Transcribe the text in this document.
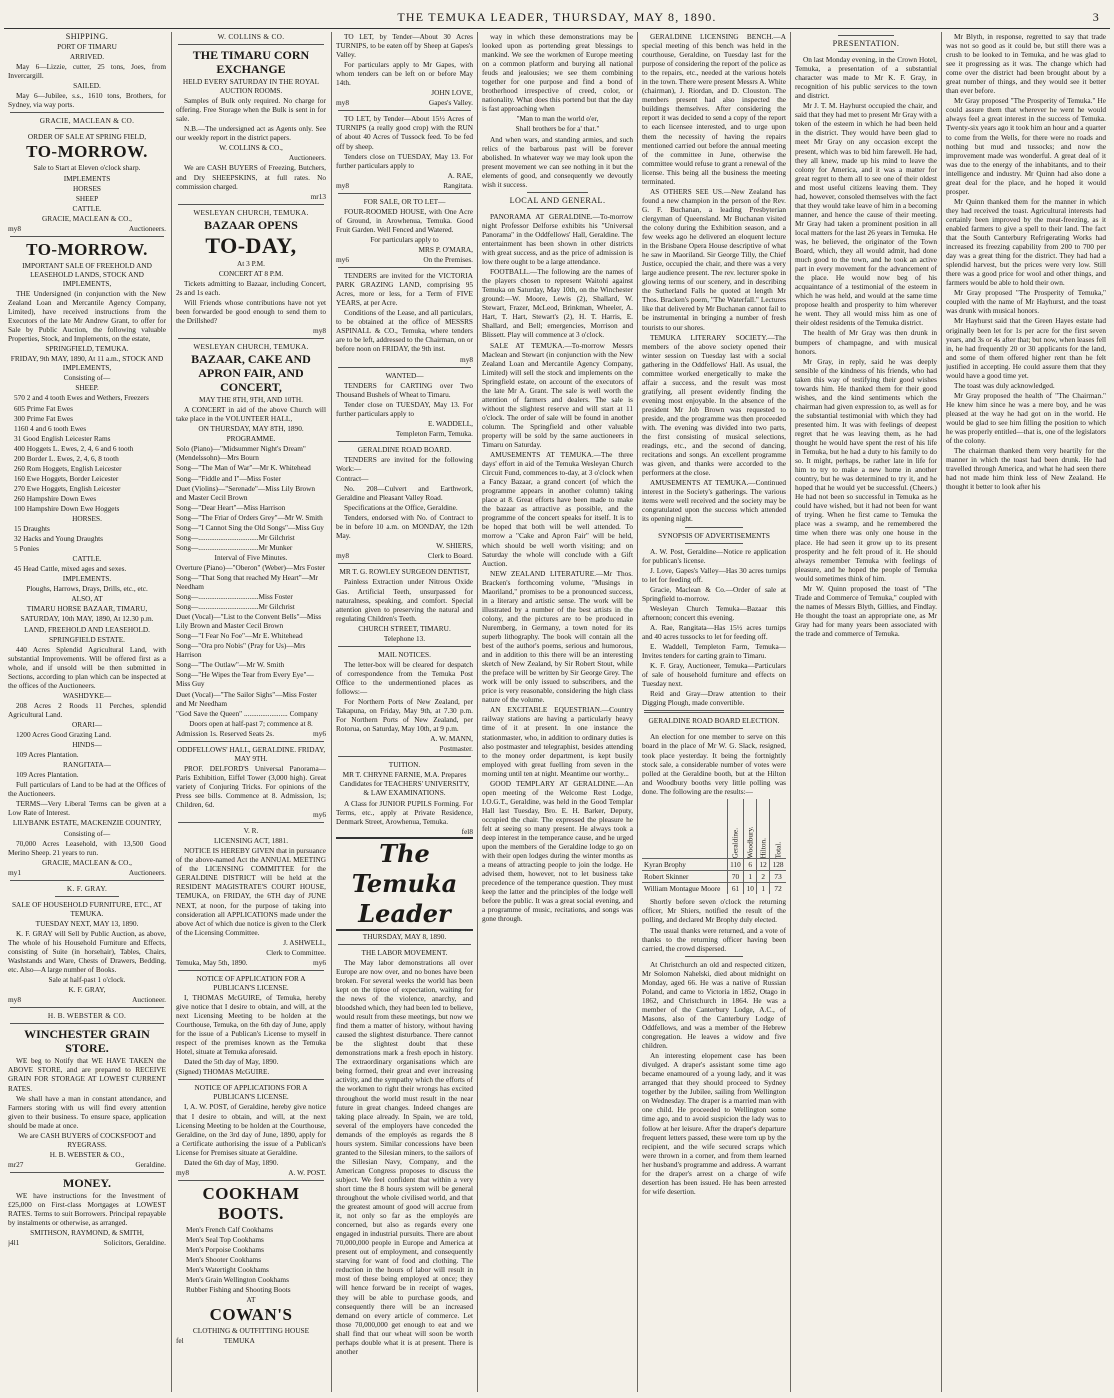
THE TEMUKA LEADER, THURSDAY, MAY 8, 1890.	3

SHIPPING.

PORT OF TIMARU

ARRIVED.

May 6—Lizzie, cutter, 25 tons, Joes, from Invercargill.

SAILED.

May 6—Jubilee, s.s., 1610 tons, Brothers, for Sydney, via way ports.

GRACIE, MACLEAN & CO.

ORDER OF SALE AT SPRING FIELD,

TO-MORROW.

Sale to Start at Eleven o'clock sharp.

IMPLEMENTS

HORSES

SHEEP

CATTLE.

GRACIE, MACLEAN & CO.,

my8	Auctioneers.

TO-MORROW.

IMPORTANT SALE OF FREEHOLD AND LEASEHOLD LANDS, STOCK AND IMPLEMENTS,

THE Undersigned (in conjunction with the New Zealand Loan and Mercantile Agency Company, Limited), have received instructions from the Executors of the late Mr Andrew Grant, to offer for Sale by Public Auction, the following valuable Properties, Stock, and Implements, on the estate,

SPRINGFIELD, TEMUKA.

FRIDAY, 9th MAY, 1890, At 11 a.m., STOCK AND IMPLEMENTS,

Consisting of—

SHEEP.

570 2 and 4 tooth Ewes and Wethers, Freezers

605 Prime Fat Ewes

300 Prime Fat Ewes

1160 4 and 6 tooth Ewes

31 Good English Leicester Rams

400 Hoggets L. Ewes, 2, 4, 6 and 6 tooth

200 Border L. Ewes, 2, 4, 6, 8 tooth

260 Rom Hoggets, English Leicester

160 Ewe Hoggets, Border Leicester

270 Ewe Hoggets, English Leicester

260 Hampshire Down Ewes

100 Hampshire Down Ewe Hoggets

HORSES.

15 Draughts

32 Hacks and Young Draughts

5 Ponies

CATTLE.

45 Head Cattle, mixed ages and sexes.

IMPLEMENTS.

Ploughs, Harrows, Drays, Drills, etc., etc.

ALSO, AT

TIMARU HORSE BAZAAR, TIMARU,

SATURDAY, 10th MAY, 1890, At 12.30 p.m.

LAND, FREEHOLD AND LEASEHOLD.

SPRINGFIELD ESTATE.

440 Acres Splendid Agricultural Land, with substantial Improvements. Will be offered first as a whole, and if unsold will be then submitted in Sections, according to plan which can be inspected at the offices of the Auctioneers.

WASHDYKE—

208 Acres 2 Roods 11 Perches, splendid Agricultural Land.

ORARI—

1200 Acres Good Grazing Land.

HINDS—

109 Acres Plantation.

RANGITATA—

109 Acres Plantation.

Full particulars of Land to be had at the Offices of the Auctioneers.

TERMS—Very Liberal Terms can be given at a Low Rate of Interest.

LILYBANK ESTATE, MACKENZIE COUNTRY,

Consisting of—

70,000 Acres Leasehold, with 13,500 Good Merino Sheep. 21 years to run.

GRACIE, MACLEAN & CO.,

my1	Auctioneers.

K. F. GRAY.

SALE OF HOUSEHOLD FURNITURE, ETC., AT TEMUKA.

TUESDAY NEXT, MAY 13, 1890.

K. F. GRAY will Sell by Public Auction, as above, The whole of his Household Furniture and Effects, consisting of Suite (in horsehair), Tables, Chairs, Washstands and Ware, Chests of Drawers, Bedding, etc. Also—A large number of Books.

Sale at half-past 1 o'clock.

K. F. GRAY,

my8	Auctioneer.

H. B. WEBSTER & CO.

WINCHESTER GRAIN STORE.

WE beg to Notify that WE HAVE TAKEN the ABOVE STORE, and are prepared to RECEIVE GRAIN FOR STORAGE AT LOWEST CURRENT RATES.

We shall have a man in constant attendance, and Farmers storing with us will find every attention given to their business. To ensure space, application should be made at once.

We are CASH BUYERS of COCKSFOOT and RYEGRASS.

H. B. WEBSTER & CO.,

mr27	Geraldine.

MONEY.

WE have instructions for the Investment of £25,000 on First-class Mortgages at LOWEST RATES. Terms to suit Borrowers. Principal repayable by instalments or otherwise, as arranged.

SMITHSON, RAYMOND, & SMITH,

j4l1	Solicitors, Geraldine.

W. COLLINS & CO.

THE TIMARU CORN EXCHANGE

HELD EVERY SATURDAY IN THE ROYAL AUCTION ROOMS.

Samples of Bulk only required. No charge for offering. Free Storage when the Bulk is sent in for sale.

N.B.—The undersigned act as Agents only. See our weekly report in the district papers.

W. COLLINS & CO.,

Auctioneers.

We are CASH BUYERS of Freezing, Butchers, and Dry SHEEPSKINS, at full rates. No commission charged.

mr13

WESLEYAN CHURCH, TEMUKA.

BAZAAR OPENS

TO-DAY,

At 3 P.M.

CONCERT AT 8 P.M.

Tickets admitting to Bazaar, including Concert, 2s and 1s each.

Will Friends whose contributions have not yet been forwarded be good enough to send them to the Drillshed?

my8

WESLEYAN CHURCH, TEMUKA.

BAZAAR, CAKE AND APRON FAIR, AND CONCERT,

MAY THE 8TH, 9TH, AND 10TH.

A CONCERT in aid of the above Church will take place in the VOLUNTEER HALL,

ON THURSDAY, MAY 8TH, 1890.

PROGRAMME.

Solo (Piano)—"Midsummer Night's Dream" (Mendelssohn)—Mrs Bourn

Song—"The Man of War"—Mr K. Whitehead

Song—"Fiddle and I"—Miss Foster

Duet (Violins)—"Serenade"—Miss Lily Brown and Master Cecil Brown

Song—"Dear Heart"—Miss Harrison

Song—"The Friar of Orders Grey"—Mr W. Smith

Song—"I Cannot Sing the Old Songs"—Miss Guy

Song—.................................Mr Gilchrist

Song—.................................Mr Munker

Interval of Five Minutes.

Overture (Piano)—"Oberon" (Weber)—Mrs Foster

Song—"That Song that reached My Heart"—Mr Needham

Song—.................................Miss Foster

Song—.................................Mr Gilchrist

Duet (Vocal)—"List to the Convent Bells"—Miss Lily Brown and Master Cecil Brown

Song—"I Fear No Foe"—Mr E. Whitehead

Song—"Ora pro Nobis" (Pray for Us)—Mrs Harrison

Song—"The Outlaw"—Mr W. Smith

Song—"He Wipes the Tear from Every Eye"—Miss Guy

Duet (Vocal)—"The Sailor Sighs"—Miss Foster and Mr Needham

"God Save the Queen" ........................ Company

Doors open at half-past 7; commence at 8.

Admission 1s. Reserved Seats 2s.	my6

ODDFELLOWS' HALL, GERALDINE. FRIDAY, MAY 9TH.

PROF. DELFORD'S Universal Panorama—Paris Exhibition, Eiffel Tower (3,000 high). Great variety of Conjuring Tricks. For opinions of the Press see bills. Commence at 8. Admission, 1s; Children, 6d.

my6

V. R.

LICENSING ACT, 1881.

NOTICE IS HEREBY GIVEN that in pursuance of the above-named Act the ANNUAL MEETING of the LICENSING COMMITTEE for the GERALDINE DISTRICT will be held at the RESIDENT MAGISTRATE'S COURT HOUSE, TEMUKA, on FRIDAY, the 6TH day of JUNE NEXT, at noon, for the purpose of taking into consideration all APPLICATIONS made under the above Act of which due notice is given to the Clerk of the Licensing Committee.

J. ASHWELL,

Clerk to Committee.

Temuka, May 5th, 1890.	my6

NOTICE OF APPLICATION FOR A PUBLICAN'S LICENSE.

I, THOMAS McGUIRE, of Temuka, hereby give notice that I desire to obtain, and will, at the next Licensing Meeting to be holden at the Courthouse, Temuka, on the 6th day of June, apply for the issue of a Publican's License to myself in respect of the premises known as the Temuka Hotel, situate at Temuka aforesaid.

Dated the 5th day of May, 1890.

(Signed) THOMAS McGUIRE.

NOTICE OF APPLICATIONS FOR A PUBLICAN'S LICENSE.

I, A. W. POST, of Geraldine, hereby give notice that I desire to obtain, and will, at the next Licensing Meeting to be holden at the Courthouse, Geraldine, on the 3rd day of June, 1890, apply for a Certificate authorising the issue of a Publican's License for Premises situate at Geraldine.

Dated the 6th day of May, 1890.

my8	A. W. POST.

COOKHAM BOOTS.

Men's French Calf Cookhams

Men's Seal Top Cookhams

Men's Porpoise Cookhams

Men's Shooter Cookhams

Men's Watertight Cookhams

Men's Grain Wellington Cookhams

Rubber Fishing and Shooting Boots

AT

COWAN'S

CLOTHING & OUTFITTING HOUSE

fel	TEMUKA

TO LET, by Tender—About 30 Acres TURNIPS, to be eaten off by Sheep at Gapes's Valley.

For particulars apply to Mr Gapes, with whom tenders can be left on or before May 14th.

JOHN LOVE,

my8	Gapes's Valley.

TO LET, by Tender—About 15½ Acres of TURNIPS (a really good crop) with the RUN of about 40 Acres of Tussock feed. To be fed off by sheep.

Tenders close on TUESDAY, May 13. For further particulars apply to

A. RAE,

my8	Rangitata.

FOR SALE, OR TO LET—

FOUR-ROOMED HOUSE, with One Acre of Ground, in Arowhenua, Temuka. Good Fruit Garden. Well Fenced and Watered.

For particulars apply to

MRS P. O'MARA,

my6	On the Premises.

TENDERS are invited for the VICTORIA PARK GRAZING LAND, comprising 95 Acres, more or less, for a Term of FIVE YEARS, at per Acre.

Conditions of the Lease, and all particulars, to be obtained at the office of MESSRS ASPINALL & CO., Temuka, where tenders are to be left, addressed to the Chairman, on or before noon on FRIDAY, the 9th inst.

my8

WANTED—

TENDERS for CARTING over Two Thousand Bushels of Wheat to Timaru.

Tender close on TUESDAY, May 13. For further particulars apply to

E. WADDELL,

Templeton Farm, Temuka.

GERALDINE ROAD BOARD.

TENDERS are invited for the following Work:—

Contract—

No. 208—Culvert and Earthwork, Geraldine and Pleasant Valley Road.

Specifications at the Office, Geraldine.

Tenders, endorsed with No. of Contract to be in before 10 a.m. on MONDAY, the 12th May.

W. SHIERS,

my8	Clerk to Board.

MR T. G. ROWLEY SURGEON DENTIST,

Painless Extraction under Nitrous Oxide Gas. Artificial Teeth, unsurpassed for naturalness, speaking, and comfort. Special attention given to preserving the natural and regulating Children's Teeth.

CHURCH STREET, TIMARU.

Telephone 13.

MAIL NOTICES.

The letter-box will be cleared for despatch of correspondence from the Temuka Post Office to the undermentioned places as follows:—

For Northern Ports of New Zealand, per Takapuna, on Friday, May 9th, at 7.30 p.m. For Northern Ports of New Zealand, per Rotorua, on Saturday, May 10th, at 9 p.m.

A. W. MANN,

Postmaster.

TUITION.

MR T. CHRYNE FARNIE, M.A. Prepares Candidates for TEACHERS' UNIVERSITY, & LAW EXAMINATIONS.

A Class for JUNIOR PUPILS Forming. For Terms, etc., apply at Private Residence, Denmark Street, Arowhenua, Temuka.

fel8

The Temuka Leader

THURSDAY, MAY 8, 1890.

THE LABOR MOVEMENT.

The May labor demonstrations all over Europe are now over, and no bones have been broken. For several weeks the world has been kept on the tiptoe of expectation, waiting for the news of the violence, anarchy, and bloodshed which, they had been led to believe, would result from these meetings, but now we find them a matter of history, without having caused the slightest disturbance. There cannot be the slightest doubt that these demonstrations mark a fresh epoch in history. The extraordinary organisations which are being formed, their great and ever increasing activity, and the sympathy which the efforts of the workmen to right their wrongs has excited throughout the world must result in the near future in great changes. Indeed changes are taking place already. In Spain, we are told, several of the employers have conceded the demands of the employés as regards the 8 hours system. Similar concessions have been granted to the Silesian miners, to the sailors of the Sillesian Navy, Company, and the American Congress proposes to discuss the subject. We feel confident that within a very short time the 8 hours system will be general throughout the whole civilised world, and that the greatest amount of good will accrue from it, not only so far as the employés are concerned, but also as regards every one engaged in industrial pursuits. There are about 70,000,000 people in Europe and America at present out of employment, and consequently starving for want of food and clothing. The reduction in the hours of labor will result in most of these being employed at once; they will hence forward be in receipt of wages, they will be able to purchase goods, and consequently there will be an increased demand on every article of commerce. Let those 70,000,000 get enough to eat and we shall find that our wheat will soon be worth perhaps double what it is at present. There is another

way in which these demonstrations may be looked upon as portending great blessings to mankind. We see the workmen of Europe meeting on a common platform and burying all national feuds and jealousies; we see them combining together for one purpose and find a bond of brotherhood irrespective of creed, color, or nationality. What does this portend but that the day is fast approaching when

"Man to man the world o'er,

Shall brothers be for a' that."

And when wars, and standing armies, and such relics of the barbarous past will be forever abolished. In whatever way we may look upon the present movement we can see nothing in it but the elements of good, and consequently we devoutly wish it success.

LOCAL AND GENERAL.

PANORAMA AT GERALDINE.—To-morrow night Professor Delforse exhibits his "Universal Panorama" in the Oddfellows' Hall, Geraldine. The entertainment has been shown in other districts with great success, and as the price of admission is low there ought to be a large attendance.

FOOTBALL.—The following are the names of the players chosen to represent Waitohi against Temuka on Saturday, May 10th, on the Winchester ground:—W. Moore, Lewis (2), Shallard, W. Stewart, Frazer, McLeod, Brinkman, Wheeler, A. Hart, T. Hart, Stewart's (2), H. T. Harris, E. Shallard, and Bell; emergencies, Morrison and Blissett. Play will commence at 3 o'clock.

SALE AT TEMUKA.—To-morrow Messrs Maclean and Stewart (in conjunction with the New Zealand Loan and Mercantile Agency Company, Limited) will sell the stock and implements on the Springfield estate, on account of the executors of the late Mr A. Grant. The sale is well worth the attention of farmers and dealers. The sale is without the slightest reserve and will start at 11 o'clock. The order of sale will be found in another column. The Springfield and other valuable property will be sold by the same auctioneers in Timaru on Saturday.

AMUSEMENTS AT TEMUKA.—The three days' effort in aid of the Temuka Wesleyan Church Circuit Fund, commences to-day, at 3 o'clock when a Fancy Bazaar, a grand concert (of which the programme appears in another column) taking place at 8. Great efforts have been made to make the bazaar as attractive as possible, and the programme of the concert speaks for itself. It is to be hoped that both will be well attended. To morrow a "Cake and Apron Fair" will be held, which should be well worth visiting; and on Saturday the whole will conclude with a Gift Auction.

NEW ZEALAND LITERATURE.—Mr Thos. Bracken's forthcoming volume, "Musings in Maoriland," promises to be a pronounced success, in a literary and artistic sense. The work will be illustrated by a number of the best artists in the colony, and the pictures are to be produced in Nuremberg, in Germany, a town noted for its superb lithography. The book will contain all the best of the author's poems, serious and humorous, and in addition to this there will be an interesting sketch of New Zealand, by Sir Robert Stout, while the preface will be written by Sir George Grey. The work will be only issued to subscribers, and the price is very reasonable, considering the high class nature of the volume.

AN EXCITABLE EQUESTRIAN.—Country railway stations are having a particularly heavy time of it at present. In one instance the stationmaster, who, in addition to ordinary duties is also postmaster and telegraphist, besides attending to the money order department, is kept busily employed with great fuelling from seven in the morning until ten at night. Meantime our worthy...

GOOD TEMPLARY AT GERALDINE.—An open meeting of the Welcome Rest Lodge, I.O.G.T., Geraldine, was held in the Good Templar Hall last Tuesday, Bro. E. H. Barker, Deputy, occupied the chair. The expressed the pleasure he felt at seeing so many present. He always took a deep interest in the temperance cause, and he urged upon the members of the Geraldine lodge to go on with their open lodges during the winter months as a means of attracting people to join the lodge. He advised them, however, not to let business take precedence of the temperance question. They must keep the latter and the principles of the lodge well before the public. It was a great social evening, and a programme of music, recitations, and songs was gone through.

GERALDINE LICENSING BENCH.—A special meeting of this bench was held in the courthouse, Geraldine, on Tuesday last for the purpose of considering the report of the police as to the repairs, etc., needed at the various hotels in the town. There were present Messrs A. White (chairman), J. Riordan, and D. Clouston. The members present had also inspected the buildings themselves. After considering the report it was decided to send a copy of the report to each licensee interested, and to urge upon them the necessity of having the repairs mentioned carried out before the annual meeting of the committee in June, otherwise the committee would refuse to grant a renewal of the license. This being all the business the meeting terminated.

AS OTHERS SEE US.—New Zealand has found a new champion in the person of the Rev. G. F. Buchanan, a leading Presbyterian clergyman of Queensland. Mr Buchanan visited the colony during the Exhibition season, and a few weeks ago he delivered an eloquent lecture in the Brisbane Opera House descriptive of what he saw in Maoriland. Sir George Tilly, the Chief Justice, occupied the chair, and there was a very large audience present. The rev. lecturer spoke in glowing terms of our scenery, and in describing the Sutherland Falls he quoted at length Mr Thos. Bracken's poem, "The Waterfall." Lectures like that delivered by Mr Buchanan cannot fail to be instrumental in bringing a number of fresh tourists to our shores.

TEMUKA LITERARY SOCIETY.—The members of the above society opened their winter session on Tuesday last with a social gathering in the Oddfellows' Hall. As usual, the committee worked energetically to make the affair a success, and the result was most gratifying, all present evidently finding the evening most enjoyable. In the absence of the president Mr Job Brown was requested to preside, and the programme was then proceeded with. The evening was divided into two parts, the first consisting of musical selections, readings, etc., and the second of dancing, recitations and songs. An excellent programme was given, and thanks were accorded to the performers at the close.

AMUSEMENTS AT TEMUKA.—Continued interest in the Society's gatherings. The various items were well received and the society may be congratulated upon the success which attended its opening night.

SYNOPSIS OF ADVERTISEMENTS

A. W. Post, Geraldine—Notice re application for publican's license.

J. Love, Gapes's Valley—Has 30 acres turnips to let for feeding off.

Gracie, Maclean & Co.—Order of sale at Springfield to-morrow.

Wesleyan Church Temuka—Bazaar this afternoon; concert this evening.

A. Rae, Rangitata—Has 15½ acres turnips and 40 acres tussocks to let for feeding off.

E. Waddell, Templeton Farm, Temuka—Invites tenders for carting grain to Timaru.

K. F. Gray, Auctioneer, Temuka—Particulars of sale of household furniture and effects on Tuesday next.

Reid and Gray—Draw attention to their Digging Plough, made convertible.

GERALDINE ROAD BOARD ELECTION.

An election for one member to serve on this board in the place of Mr W. G. Slack, resigned, took place yesterday. It being the fortnightly stock sale, a considerable number of votes were polled at the Geraldine booth, but at the Hilton and Woodbury booths very little polling was done. The following are the results:—

	Geraldine.	Woodbury.	Hilton.	Total.
Kyran Brophy	110	6	12	128
Robert Skinner	70	1	2	73
William Montague Moore	61	10	1	72

Shortly before seven o'clock the returning officer, Mr Shiers, notified the result of the polling, and declared Mr Brophy duly elected.

The usual thanks were returned, and a vote of thanks to the returning officer having been carried, the crowd dispersed.

At Christchurch an old and respected citizen, Mr Solomon Nahelski, died about midnight on Monday, aged 66. He was a native of Russian Poland, and came to Victoria in 1852, Otago in 1862, and Christchurch in 1864. He was a member of the Canterbury Lodge, A.C., of Masons, also of the Canterbury Lodge of Oddfellows, and was a member of the Hebrew congregation. He leaves a widow and five children.

An interesting elopement case has been divulged. A draper's assistant some time ago became enamoured of a young lady, and it was arranged that they should proceed to Sydney together by the Jubilee, sailing from Wellington on Wednesday. The draper is a married man with one child. He proceeded to Wellington some time ago, and to avoid suspicion the lady was to follow at her leisure. After the draper's departure frequent letters passed, these were torn up by the recipient, and the wife secured scraps which were thrown in a corner, and from them learned her husband's programme and address. A warrant for the draper's arrest on a charge of wife desertion has been issued. He has been arrested for wife desertion.

PRESENTATION.

On last Monday evening, in the Crown Hotel, Temuka, a presentation of a substantial character was made to Mr K. F. Gray, in recognition of his public services to the town and district.

Mr J. T. M. Hayhurst occupied the chair, and said that they had met to present Mr Gray with a token of the esteem in which he had been held in the district. They would have been glad to meet Mr Gray on any occasion except the present, which was to bid him farewell. He had, they all knew, made up his mind to leave the colony for America, and it was a matter for great regret to them all to see one of their oldest and most useful citizens leaving them. They had, however, consoled themselves with the fact that they would take leave of him in a becoming manner, and hence the cause of their meeting. Mr Gray had taken a prominent position in all local matters for the last 26 years in Temuka. He was, he believed, the originator of the Town Board, which, they all would admit, had done much good to the town, and he took an active part in every movement for the advancement of the place. He would now beg of his acquaintance of a testimonial of the esteem in which he was held, and would at the same time propose health and prosperity to him wherever he went. They all would miss him as one of their oldest residents of the Temuka district.

The health of Mr Gray was then drunk in bumpers of champagne, and with musical honors.

Mr Gray, in reply, said he was deeply sensible of the kindness of his friends, who had taken this way of testifying their good wishes towards him. He thanked them for their good wishes, and the kind sentiments which the chairman had given expression to, as well as for the substantial testimonial with which they had presented him. It was with feelings of deepest regret that he was leaving them, as he had thought he would have spent the rest of his life in Temuka, but he had a duty to his family to do so. It might, perhaps, be rather late in life for him to try to make a new home in another country, but he was determined to try it, and he hoped that he would yet be successful. (Cheers.) He had not been so successful in Temuka as he could have wished, but it had not been for want of trying. When he first came to Temuka the place was a swamp, and he remembered the time when there was only one house in the place. He had seen it grow up to its present prosperity and he felt proud of it. He should always remember Temuka with feelings of pleasure, and he hoped the people of Temuka would sometimes think of him.

Mr W. Quinn proposed the toast of "The Trade and Commerce of Temuka," coupled with the names of Messrs Blyth, Gillies, and Findlay. He thought the toast an appropriate one, as Mr Gray had for many years been associated with the trade and commerce of Temuka.

Mr Blyth, in response, regretted to say that trade was not so good as it could be, but still there was a crush to be looked to in Temuka, and he was glad to see it progressing as it was. The change which had come over the district had been brought about by a great number of things, and they would see it better than ever before.

Mr Gray proposed "The Prosperity of Temuka." He could assure them that wherever he went he would always feel a great interest in the success of Temuka. Twenty-six years ago it took him an hour and a quarter to come from the Wells, for there were no roads and nothing but mud and tussocks; and now the improvement made was wonderful. A great deal of it was due to the energy of the inhabitants, and to their intelligence and industry. Mr Quinn had also done a great deal for the place, and he hoped it would prosper.

Mr Quinn thanked them for the manner in which they had received the toast. Agricultural interests had certainly been improved by the meat-freezing, as it enabled farmers to give a spell to their land. The fact that the South Canterbury Refrigerating Works had increased its freezing capability from 200 to 700 per day was a great thing for the district. They had had a splendid harvest, but the prices were very low. Still there was a good price for wool and other things, and farmers would be able to hold their own.

Mr Gray proposed "The Prosperity of Temuka," coupled with the name of Mr Hayhurst, and the toast was drunk with musical honors.

Mr Hayhurst said that the Green Hayes estate had originally been let for 1s per acre for the first seven years, and 3s or 4s after that; but now, when leases fell in, he had frequently 20 or 30 applicants for the land, and some of them offered higher rent than he felt justified in accepting. He could assure them that they would have a good time yet.

The toast was duly acknowledged.

Mr Gray proposed the health of "The Chairman." He knew him since he was a mere boy, and he was pleased at the way he had got on in the world. He would be glad to see him filling the position to which he was properly entitled—that is, one of the legislators of the colony.

The chairman thanked them very heartily for the manner in which the toast had been drunk. He had travelled through America, and what he had seen there had not made him think less of New Zealand. He thought it better to look after his
